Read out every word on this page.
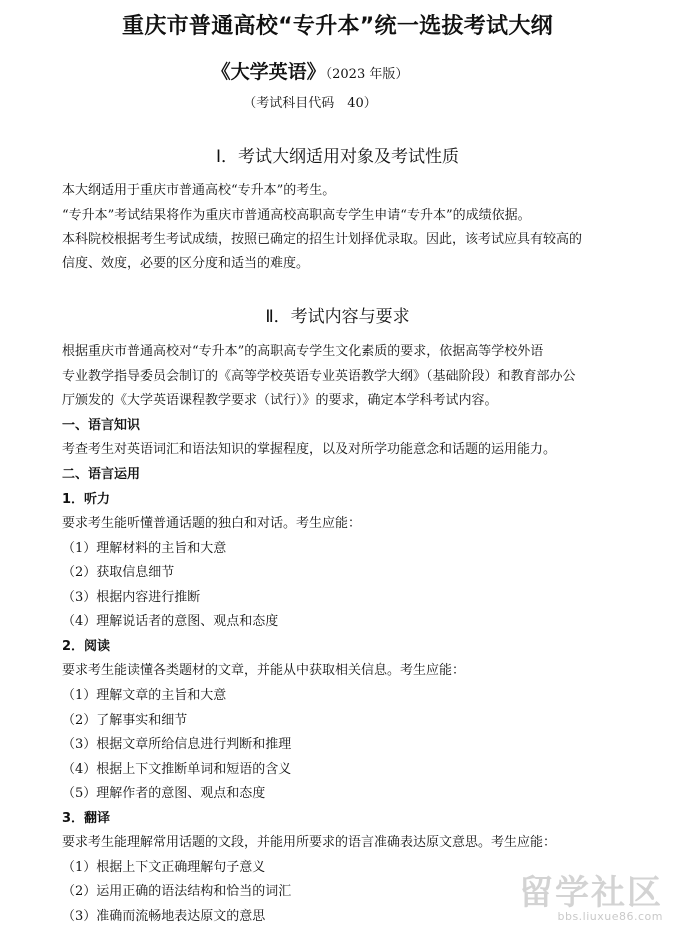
重庆市普通高校“专升本”统一选拔考试大纲
《大学英语》（2023 年版）
（考试科目代码　40）
Ⅰ．考试大纲适用对象及考试性质
本大纲适用于重庆市普通高校“专升本”的考生。
“专升本”考试结果将作为重庆市普通高校高职高专学生申请“专升本”的成绩依据。
本科院校根据考生考试成绩，按照已确定的招生计划择优录取。因此，该考试应具有较高的
信度、效度，必要的区分度和适当的难度。
Ⅱ．考试内容与要求
根据重庆市普通高校对“专升本”的高职高专学生文化素质的要求，依据高等学校外语
专业教学指导委员会制订的《高等学校英语专业英语教学大纲》（基础阶段）和教育部办公
厅颁发的《大学英语课程教学要求（试行）》的要求，确定本学科考试内容。
一、语言知识
考查考生对英语词汇和语法知识的掌握程度，以及对所学功能意念和话题的运用能力。
二、语言运用
1．听力
要求考生能听懂普通话题的独白和对话。考生应能：
（1）理解材料的主旨和大意
（2）获取信息细节
（3）根据内容进行推断
（4）理解说话者的意图、观点和态度
2．阅读
要求考生能读懂各类题材的文章，并能从中获取相关信息。考生应能：
（1）理解文章的主旨和大意
（2）了解事实和细节
（3）根据文章所给信息进行判断和推理
（4）根据上下文推断单词和短语的含义
（5）理解作者的意图、观点和态度
3．翻译
要求考生能理解常用话题的文段，并能用所要求的语言准确表达原文意思。考生应能：
（1）根据上下文正确理解句子意义
（2）运用正确的语法结构和恰当的词汇
（3）准确而流畅地表达原文的意思
留学社区
bbs.liuxue86.com
